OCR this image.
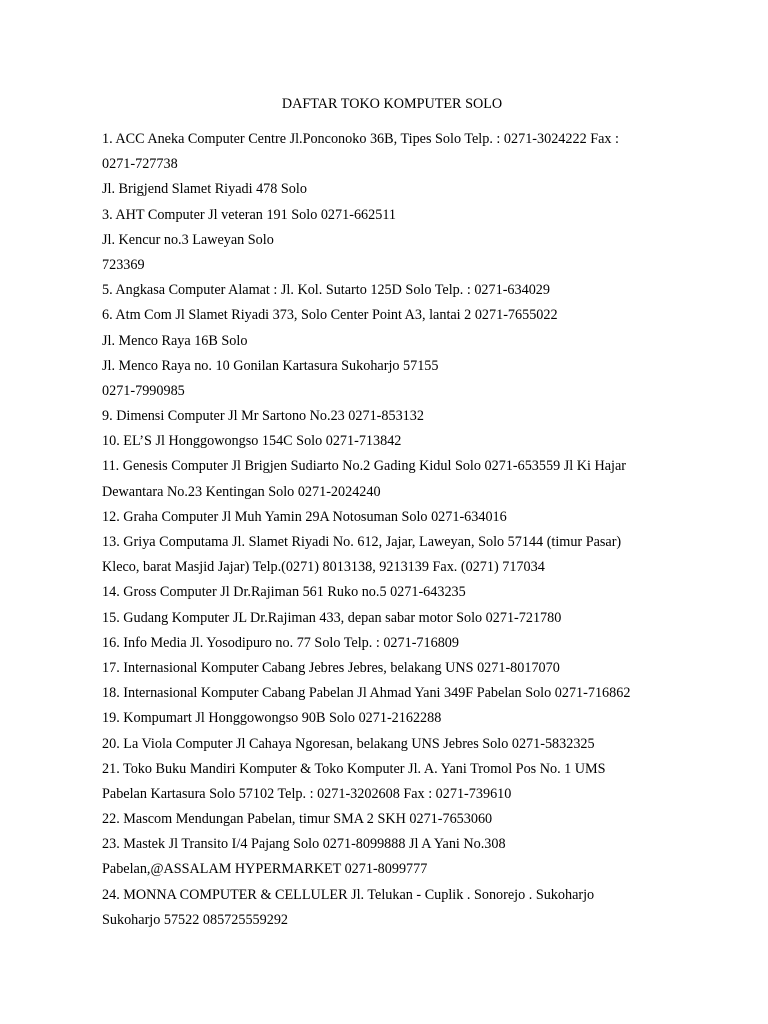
DAFTAR TOKO KOMPUTER SOLO
1. ACC Aneka Computer Centre Jl.Ponconoko 36B, Tipes Solo Telp. : 0271-3024222 Fax :
0271-727738
Jl. Brigjend Slamet Riyadi 478 Solo
3. AHT Computer Jl veteran 191 Solo 0271-662511
Jl. Kencur no.3 Laweyan Solo
723369
5. Angkasa Computer Alamat : Jl. Kol. Sutarto 125D Solo Telp. : 0271-634029
6. Atm Com Jl Slamet Riyadi 373, Solo Center Point A3, lantai 2 0271-7655022
Jl. Menco Raya 16B Solo
Jl. Menco Raya no. 10 Gonilan Kartasura Sukoharjo 57155
0271-7990985
9. Dimensi Computer Jl Mr Sartono No.23 0271-853132
10. EL’S Jl Honggowongso 154C Solo 0271-713842
11. Genesis Computer Jl Brigjen Sudiarto No.2 Gading Kidul Solo 0271-653559 Jl Ki Hajar
Dewantara No.23 Kentingan Solo 0271-2024240
12. Graha Computer Jl Muh Yamin 29A Notosuman Solo 0271-634016
13. Griya Computama Jl. Slamet Riyadi No. 612, Jajar, Laweyan, Solo 57144 (timur Pasar)
Kleco, barat Masjid Jajar) Telp.(0271) 8013138, 9213139 Fax. (0271) 717034
14. Gross Computer Jl Dr.Rajiman 561 Ruko no.5 0271-643235
15. Gudang Komputer JL Dr.Rajiman 433, depan sabar motor Solo 0271-721780
16. Info Media Jl. Yosodipuro no. 77 Solo Telp. : 0271-716809
17. Internasional Komputer Cabang Jebres Jebres, belakang UNS 0271-8017070
18. Internasional Komputer Cabang Pabelan Jl Ahmad Yani 349F Pabelan Solo 0271-716862
19. Kompumart Jl Honggowongso 90B Solo 0271-2162288
20. La Viola Computer Jl Cahaya Ngoresan, belakang UNS Jebres Solo 0271-5832325
21. Toko Buku Mandiri Komputer & Toko Komputer Jl. A. Yani Tromol Pos No. 1 UMS
Pabelan Kartasura Solo 57102 Telp. : 0271-3202608 Fax : 0271-739610
22. Mascom Mendungan Pabelan, timur SMA 2 SKH 0271-7653060
23. Mastek Jl Transito I/4 Pajang Solo 0271-8099888 Jl A Yani No.308
Pabelan,@ASSALAM HYPERMARKET 0271-8099777
24. MONNA COMPUTER & CELLULER Jl. Telukan - Cuplik . Sonorejo . Sukoharjo
Sukoharjo 57522 085725559292
